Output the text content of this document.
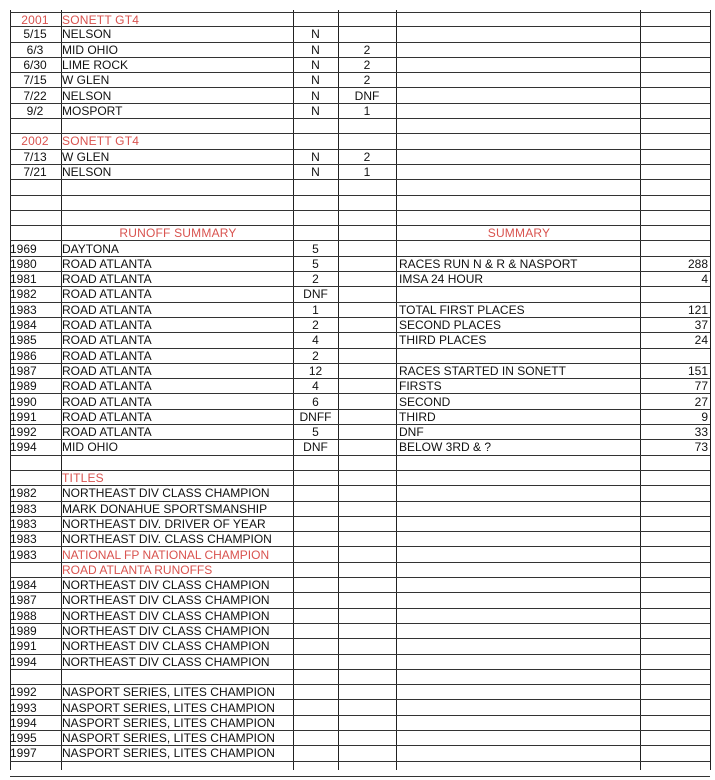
2001	SONETT GT4
5/15	NELSON	N
6/3	MID OHIO	N	2
6/30	LIME ROCK	N	2
7/15	W GLEN	N	2
7/22	NELSON	N	DNF
9/2	MOSPORT	N	1
2002	SONETT GT4
7/13	W GLEN	N	2
7/21	NELSON	N	1
RUNOFF SUMMARY	SUMMARY
1969	DAYTONA	5
1980	ROAD ATLANTA	5	RACES RUN N & R & NASPORT	288
1981	ROAD ATLANTA	2	IMSA 24 HOUR	4
1982	ROAD ATLANTA	DNF
1983	ROAD ATLANTA	1	TOTAL FIRST PLACES	121
1984	ROAD ATLANTA	2	SECOND PLACES	37
1985	ROAD ATLANTA	4	THIRD PLACES	24
1986	ROAD ATLANTA	2
1987	ROAD ATLANTA	12	RACES STARTED IN SONETT	151
1989	ROAD ATLANTA	4	FIRSTS	77
1990	ROAD ATLANTA	6	SECOND	27
1991	ROAD ATLANTA	DNFF	THIRD	9
1992	ROAD ATLANTA	5	DNF	33
1994	MID OHIO	DNF	BELOW 3RD & ?	73
TITLES
1982	NORTHEAST DIV CLASS CHAMPION
1983	MARK DONAHUE SPORTSMANSHIP
1983	NORTHEAST DIV. DRIVER OF YEAR
1983	NORTHEAST DIV. CLASS CHAMPION
1983	NATIONAL FP NATIONAL CHAMPION
ROAD ATLANTA RUNOFFS
1984	NORTHEAST DIV CLASS CHAMPION
1987	NORTHEAST DIV CLASS CHAMPION
1988	NORTHEAST DIV CLASS CHAMPION
1989	NORTHEAST DIV CLASS CHAMPION
1991	NORTHEAST DIV CLASS CHAMPION
1994	NORTHEAST DIV CLASS CHAMPION
1992	NASPORT SERIES, LITES CHAMPION
1993	NASPORT SERIES, LITES CHAMPION
1994	NASPORT SERIES, LITES CHAMPION
1995	NASPORT SERIES, LITES CHAMPION
1997	NASPORT SERIES, LITES CHAMPION
